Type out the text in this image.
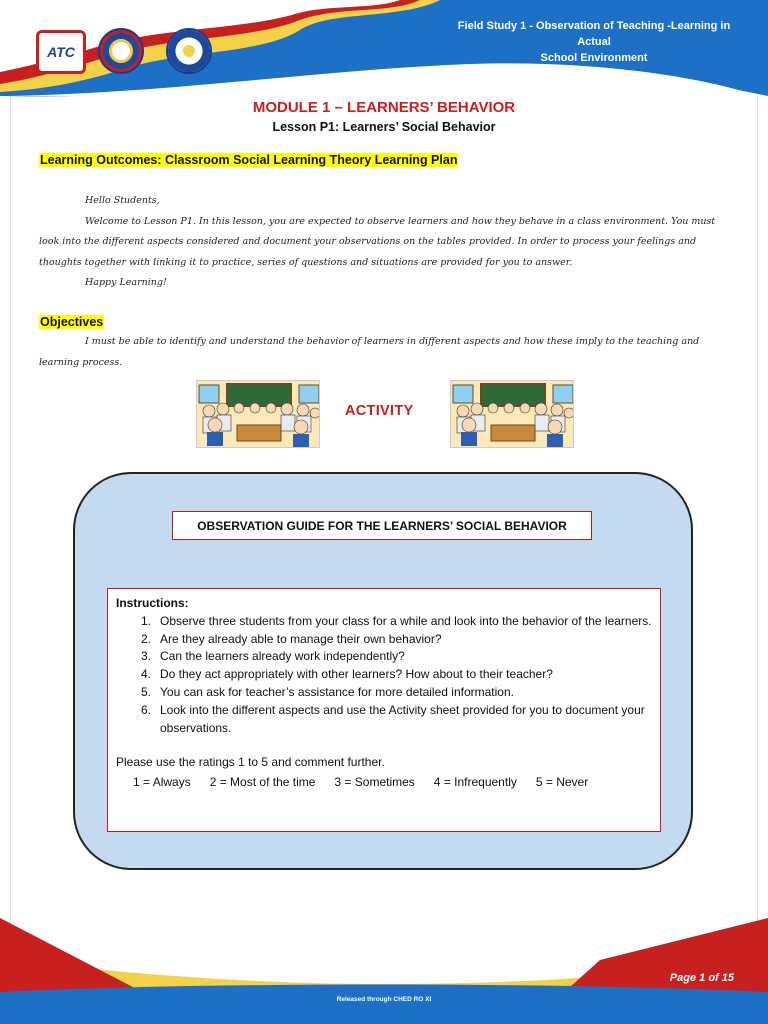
ATC
Field Study 1 - Observation of Teaching -Learning in Actual
School Environment
MODULE 1 – LEARNERS’ BEHAVIOR
Lesson P1: Learners’ Social Behavior
Learning Outcomes: Classroom Social Learning Theory Learning Plan

Hello Students,

Welcome to Lesson P1. In this lesson, you are expected to observe learners and how they behave in a class environment. You must look into the different aspects considered and document your observations on the tables provided. In order to process your feelings and thoughts together with linking it to practice, series of questions and situations are provided for you to answer.

Happy Learning!

Objectives

I must be able to identify and understand the behavior of learners in different aspects and how these imply to the teaching and learning process.

ACTIVITY
OBSERVATION GUIDE FOR THE LEARNERS’ SOCIAL BEHAVIOR
Instructions:
1. Observe three students from your class for a while and look into the behavior of the learners.
2. Are they already able to manage their own behavior?
3. Can the learners already work independently?
4. Do they act appropriately with other learners? How about to their teacher?
5. You can ask for teacher’s assistance for more detailed information.
6. Look into the different aspects and use the Activity sheet provided for you to document your observations.
Please use the ratings 1 to 5 and comment further.
1 = Always 2 = Most of the time 3 = Sometimes 4 = Infrequently 5 = Never
Page 1 of 15
Released through CHED RO XI
